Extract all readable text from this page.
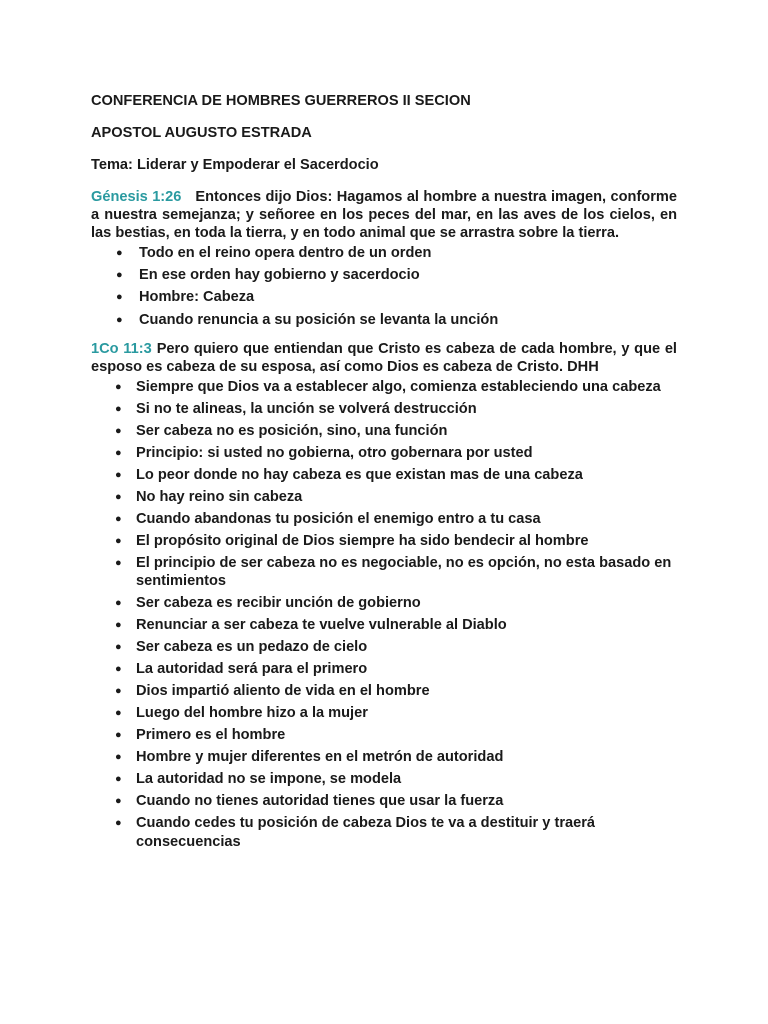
CONFERENCIA DE HOMBRES GUERREROS II SECION

APOSTOL AUGUSTO ESTRADA

Tema: Liderar y Empoderar el Sacerdocio

Génesis 1:26 Entonces dijo Dios: Hagamos al hombre a nuestra imagen, conforme a nuestra semejanza; y señoree en los peces del mar, en las aves de los cielos, en las bestias, en toda la tierra, y en todo animal que se arrastra sobre la tierra.

● Todo en el reino opera dentro de un orden
● En ese orden hay gobierno y sacerdocio
● Hombre: Cabeza
● Cuando renuncia a su posición se levanta la unción

1Co 11:3 Pero quiero que entiendan que Cristo es cabeza de cada hombre, y que el esposo es cabeza de su esposa, así como Dios es cabeza de Cristo. DHH

● Siempre que Dios va a establecer algo, comienza estableciendo una cabeza
● Si no te alineas, la unción se volverá destrucción
● Ser cabeza no es posición, sino, una función
● Principio: si usted no gobierna, otro gobernara por usted
● Lo peor donde no hay cabeza es que existan mas de una cabeza
● No hay reino sin cabeza
● Cuando abandonas tu posición el enemigo entro a tu casa
● El propósito original de Dios siempre ha sido bendecir al hombre
● El principio de ser cabeza no es negociable, no es opción, no esta basado en sentimientos
● Ser cabeza es recibir unción de gobierno
● Renunciar a ser cabeza te vuelve vulnerable al Diablo
● Ser cabeza es un pedazo de cielo
● La autoridad será para el primero
● Dios impartió aliento de vida en el hombre
● Luego del hombre hizo a la mujer
● Primero es el hombre
● Hombre y mujer diferentes en el metrón de autoridad
● La autoridad no se impone, se modela
● Cuando no tienes autoridad tienes que usar la fuerza
● Cuando cedes tu posición de cabeza Dios te va a destituir y traerá consecuencias
